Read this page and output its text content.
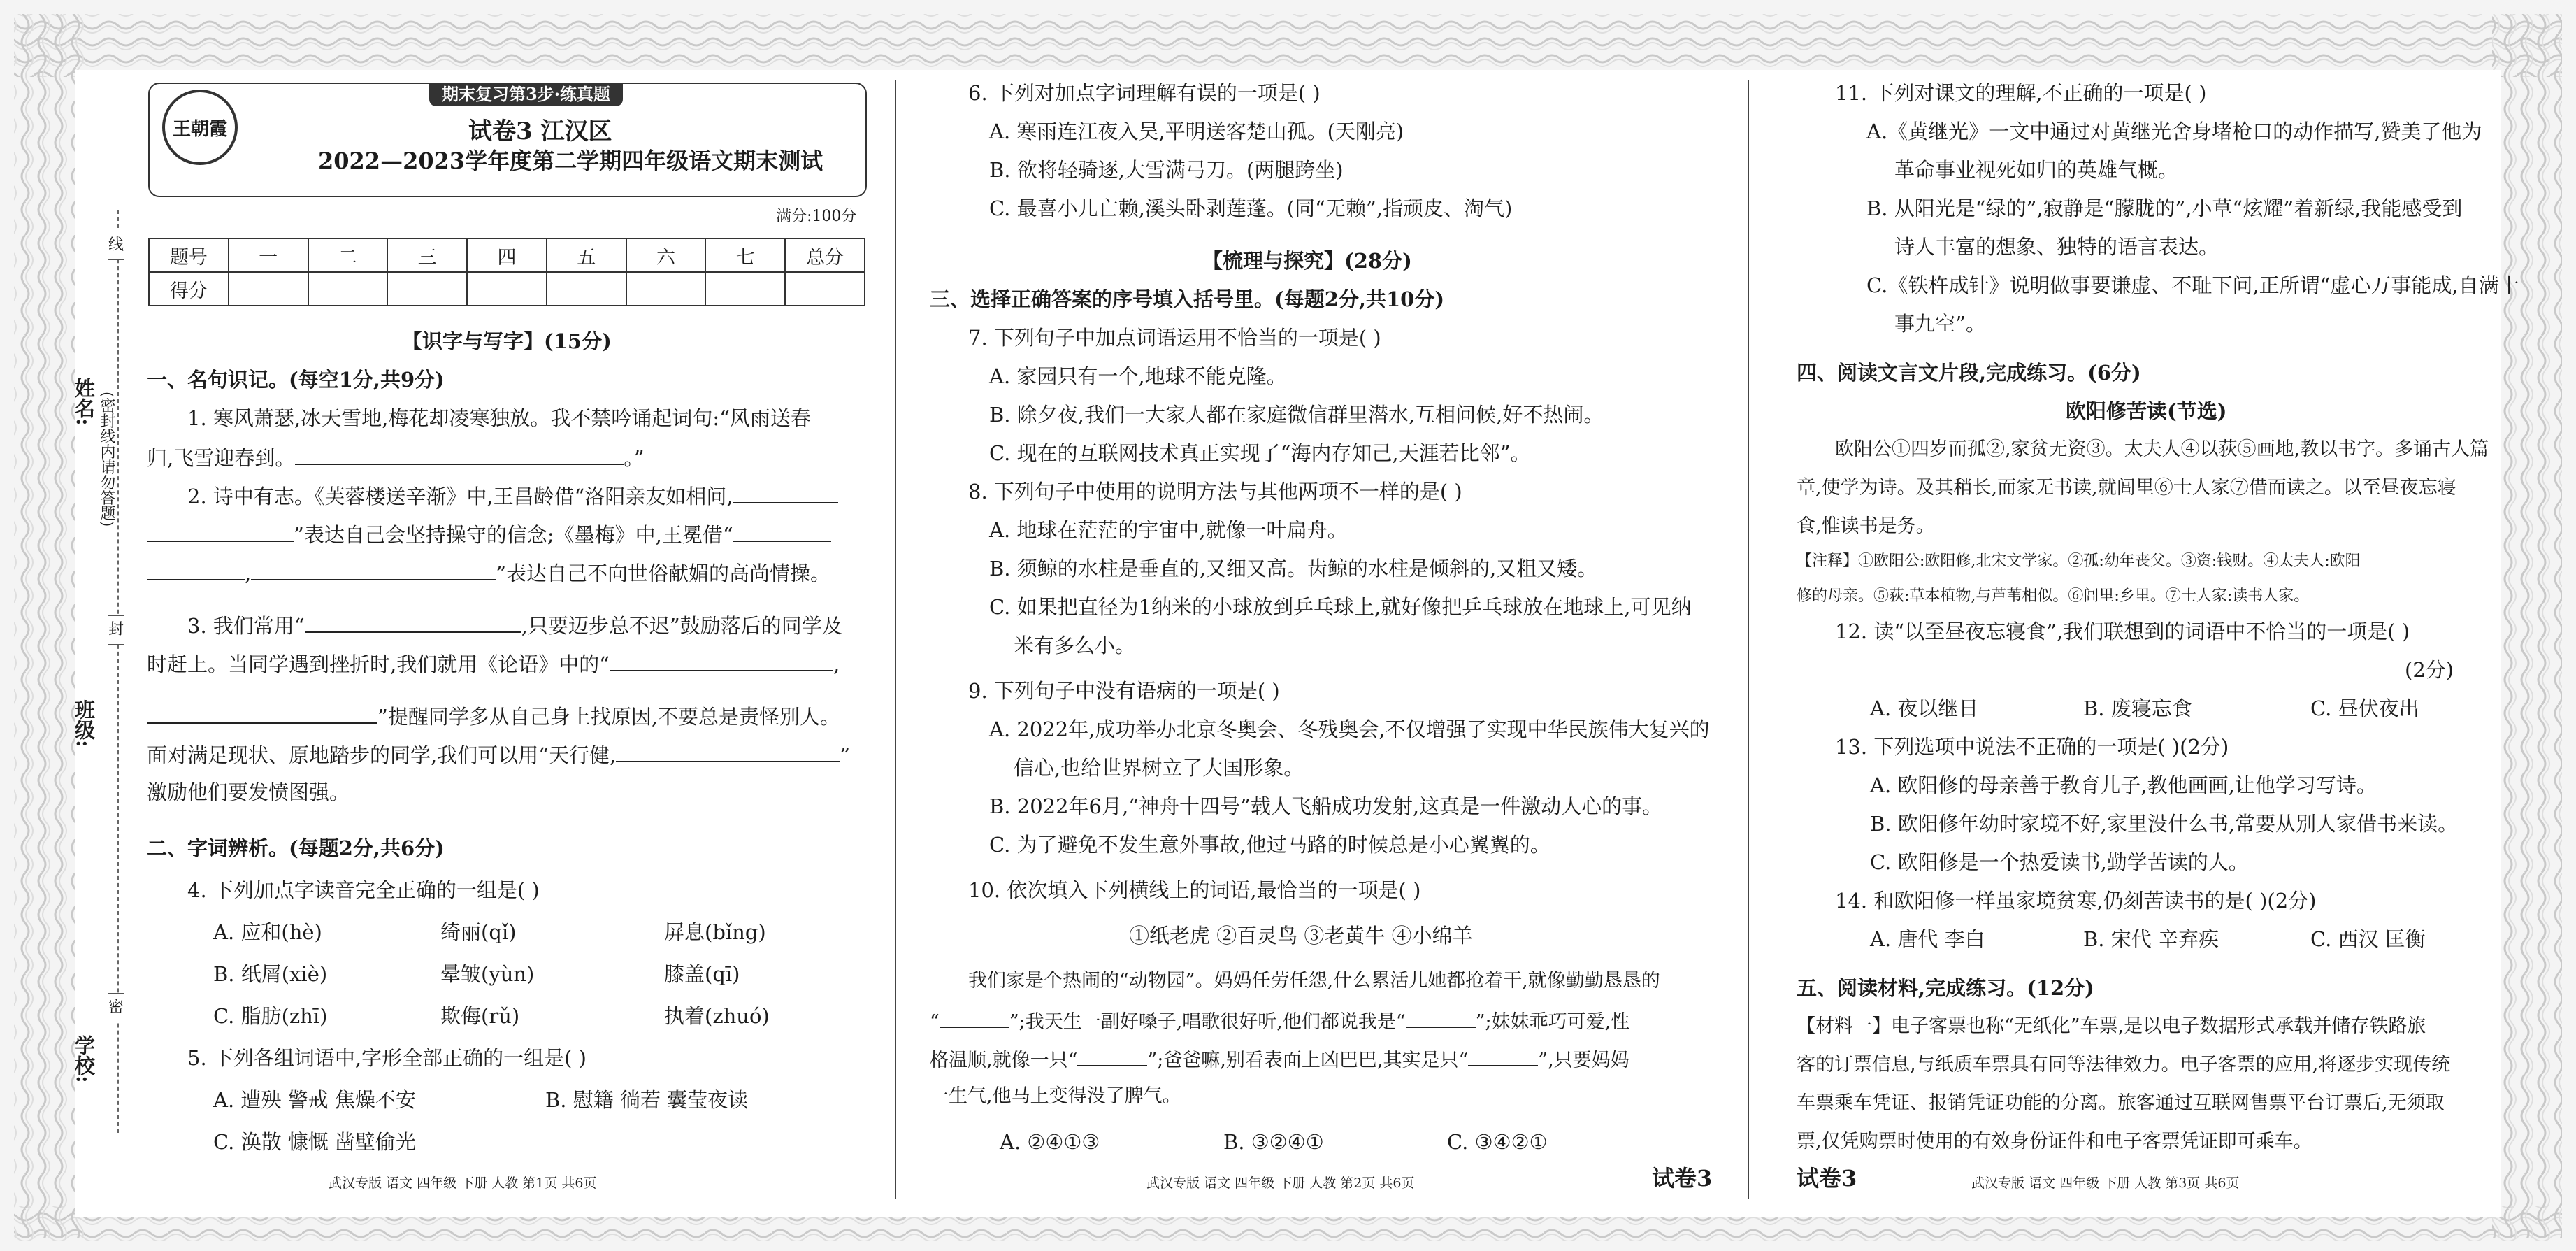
姓名:
班级:
学校:
线
封
密
(密封线内请勿答题)
王朝霞
期末复习第3步·练真题
试卷3 江汉区
2022—2023学年度第二学期四年级语文期末测试
满分:100分
题号	一	二	三	四	五	六	七	总分
得分								
【识字与写字】(15分)
一、名句识记。(每空1分,共9分)
1. 寒风萧瑟,冰天雪地,梅花却凌寒独放。我不禁吟诵起词句:“风雨送春
归,飞雪迎春到。	。”
2. 诗中有志。《芙蓉楼送辛渐》中,王昌龄借“洛阳亲友如相问,
”表达自己会坚持操守的信念;《墨梅》中,王冕借“
,	”表达自己不向世俗献媚的高尚情操。
3. 我们常用“	,只要迈步总不迟”鼓励落后的同学及
时赶上。当同学遇到挫折时,我们就用《论语》中的“	,
”提醒同学多从自己身上找原因,不要总是责怪别人。
面对满足现状、原地踏步的同学,我们可以用“天行健,	”
激励他们要发愤图强。
二、字词辨析。(每题2分,共6分)
4. 下列加点字读音完全正确的一组是( )
A. 应和(hè)	绮丽(qǐ)	屏息(bǐng)
B. 纸屑(xiè)	晕皱(yùn)	膝盖(qī)
C. 脂肪(zhī)	欺侮(rǔ)	执着(zhuó)
5. 下列各组词语中,字形全部正确的一组是( )
A. 遭殃 警戒 焦燥不安	B. 慰籍 徜若 囊莹夜读
C. 涣散 慷慨 凿壁偷光
武汉专版 语文 四年级 下册 人教 第1页 共6页
6. 下列对加点字词理解有误的一项是( )
A. 寒雨连江夜入吴,平明送客楚山孤。(天刚亮)
B. 欲将轻骑逐,大雪满弓刀。(两腿跨坐)
C. 最喜小儿亡赖,溪头卧剥莲蓬。(同“无赖”,指顽皮、淘气)
【梳理与探究】(28分)
三、选择正确答案的序号填入括号里。(每题2分,共10分)
7. 下列句子中加点词语运用不恰当的一项是( )
A. 家园只有一个,地球不能克隆。
B. 除夕夜,我们一大家人都在家庭微信群里潜水,互相问候,好不热闹。
C. 现在的互联网技术真正实现了“海内存知己,天涯若比邻”。
8. 下列句子中使用的说明方法与其他两项不一样的是( )
A. 地球在茫茫的宇宙中,就像一叶扁舟。
B. 须鲸的水柱是垂直的,又细又高。齿鲸的水柱是倾斜的,又粗又矮。
C. 如果把直径为1纳米的小球放到乒乓球上,就好像把乒乓球放在地球上,可见纳
米有多么小。
9. 下列句子中没有语病的一项是( )
A. 2022年,成功举办北京冬奥会、冬残奥会,不仅增强了实现中华民族伟大复兴的
信心,也给世界树立了大国形象。
B. 2022年6月,“神舟十四号”载人飞船成功发射,这真是一件激动人心的事。
C. 为了避免不发生意外事故,他过马路的时候总是小心翼翼的。
10. 依次填入下列横线上的词语,最恰当的一项是( )
①纸老虎 ②百灵鸟 ③老黄牛 ④小绵羊
我们家是个热闹的“动物园”。妈妈任劳任怨,什么累活儿她都抢着干,就像勤勤恳恳的
“	”;我天生一副好嗓子,唱歌很好听,他们都说我是“	”;妹妹乖巧可爱,性
格温顺,就像一只“	”;爸爸嘛,别看表面上凶巴巴,其实是只“	”,只要妈妈
一生气,他马上变得没了脾气。
A. ②④①③	B. ③②④①	C. ③④②①
武汉专版 语文 四年级 下册 人教 第2页 共6页	试卷3
11. 下列对课文的理解,不正确的一项是( )
A.《黄继光》一文中通过对黄继光舍身堵枪口的动作描写,赞美了他为
革命事业视死如归的英雄气概。
B. 从阳光是“绿的”,寂静是“朦胧的”,小草“炫耀”着新绿,我能感受到
诗人丰富的想象、独特的语言表达。
C.《铁杵成针》说明做事要谦虚、不耻下问,正所谓“虚心万事能成,自满十
事九空”。
四、阅读文言文片段,完成练习。(6分)
欧阳修苦读(节选)
欧阳公①四岁而孤②,家贫无资③。太夫人④以荻⑤画地,教以书字。多诵古人篇
章,使学为诗。及其稍长,而家无书读,就闾里⑥士人家⑦借而读之。以至昼夜忘寝
食,惟读书是务。
【注释】①欧阳公:欧阳修,北宋文学家。②孤:幼年丧父。③资:钱财。④太夫人:欧阳
修的母亲。⑤荻:草本植物,与芦苇相似。⑥闾里:乡里。⑦士人家:读书人家。
12. 读“以至昼夜忘寝食”,我们联想到的词语中不恰当的一项是( )
(2分)
A. 夜以继日	B. 废寝忘食	C. 昼伏夜出
13. 下列选项中说法不正确的一项是( )(2分)
A. 欧阳修的母亲善于教育儿子,教他画画,让他学习写诗。
B. 欧阳修年幼时家境不好,家里没什么书,常要从别人家借书来读。
C. 欧阳修是一个热爱读书,勤学苦读的人。
14. 和欧阳修一样虽家境贫寒,仍刻苦读书的是( )(2分)
A. 唐代 李白	B. 宋代 辛弃疾	C. 西汉 匡衡
五、阅读材料,完成练习。(12分)
【材料一】电子客票也称“无纸化”车票,是以电子数据形式承载并储存铁路旅
客的订票信息,与纸质车票具有同等法律效力。电子客票的应用,将逐步实现传统
车票乘车凭证、报销凭证功能的分离。旅客通过互联网售票平台订票后,无须取
票,仅凭购票时使用的有效身份证件和电子客票凭证即可乘车。
试卷3	武汉专版 语文 四年级 下册 人教 第3页 共6页
